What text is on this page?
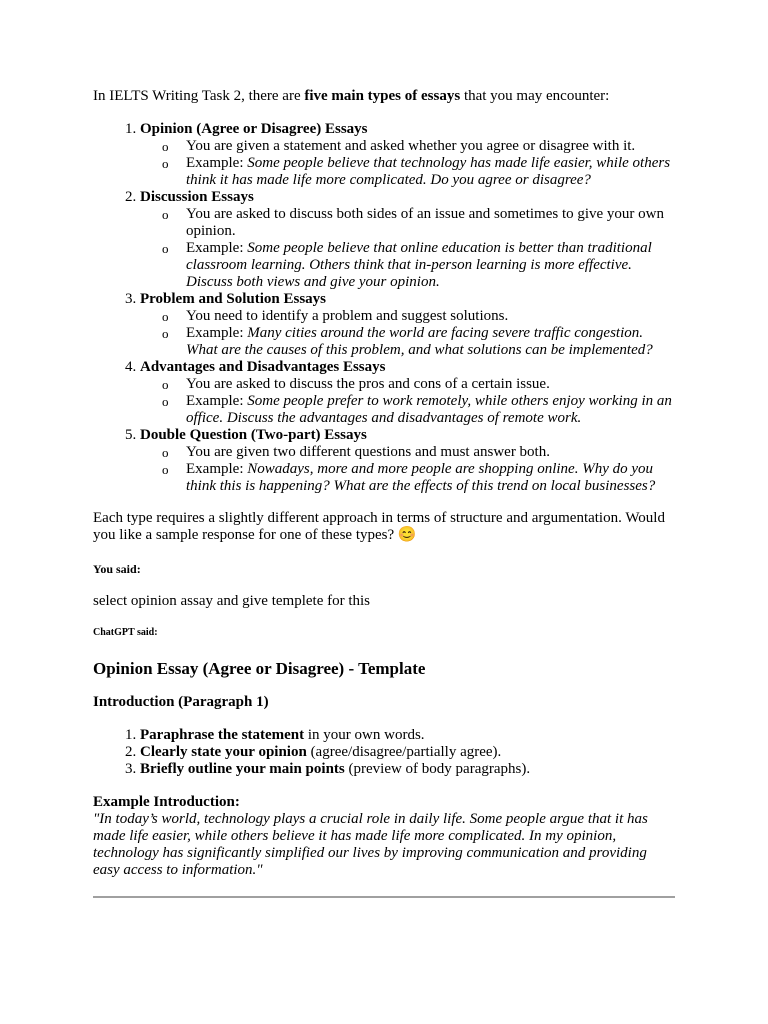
In IELTS Writing Task 2, there are five main types of essays that you may encounter:

1. Opinion (Agree or Disagree) Essays
o You are given a statement and asked whether you agree or disagree with it.
o Example: Some people believe that technology has made life easier, while others think it has made life more complicated. Do you agree or disagree?
2. Discussion Essays
o You are asked to discuss both sides of an issue and sometimes to give your own opinion.
o Example: Some people believe that online education is better than traditional classroom learning. Others think that in-person learning is more effective. Discuss both views and give your opinion.
3. Problem and Solution Essays
o You need to identify a problem and suggest solutions.
o Example: Many cities around the world are facing severe traffic congestion. What are the causes of this problem, and what solutions can be implemented?
4. Advantages and Disadvantages Essays
o You are asked to discuss the pros and cons of a certain issue.
o Example: Some people prefer to work remotely, while others enjoy working in an office. Discuss the advantages and disadvantages of remote work.
5. Double Question (Two-part) Essays
o You are given two different questions and must answer both.
o Example: Nowadays, more and more people are shopping online. Why do you think this is happening? What are the effects of this trend on local businesses?

Each type requires a slightly different approach in terms of structure and argumentation. Would you like a sample response for one of these types? 😊

You said:

select opinion assay and give templete for this

ChatGPT said:

Opinion Essay (Agree or Disagree) - Template
Introduction (Paragraph 1)
1. Paraphrase the statement in your own words.
2. Clearly state your opinion (agree/disagree/partially agree).
3. Briefly outline your main points (preview of body paragraphs).
Example Introduction:

"In today’s world, technology plays a crucial role in daily life. Some people argue that it has made life easier, while others believe it has made life more complicated. In my opinion, technology has significantly simplified our lives by improving communication and providing easy access to information."
